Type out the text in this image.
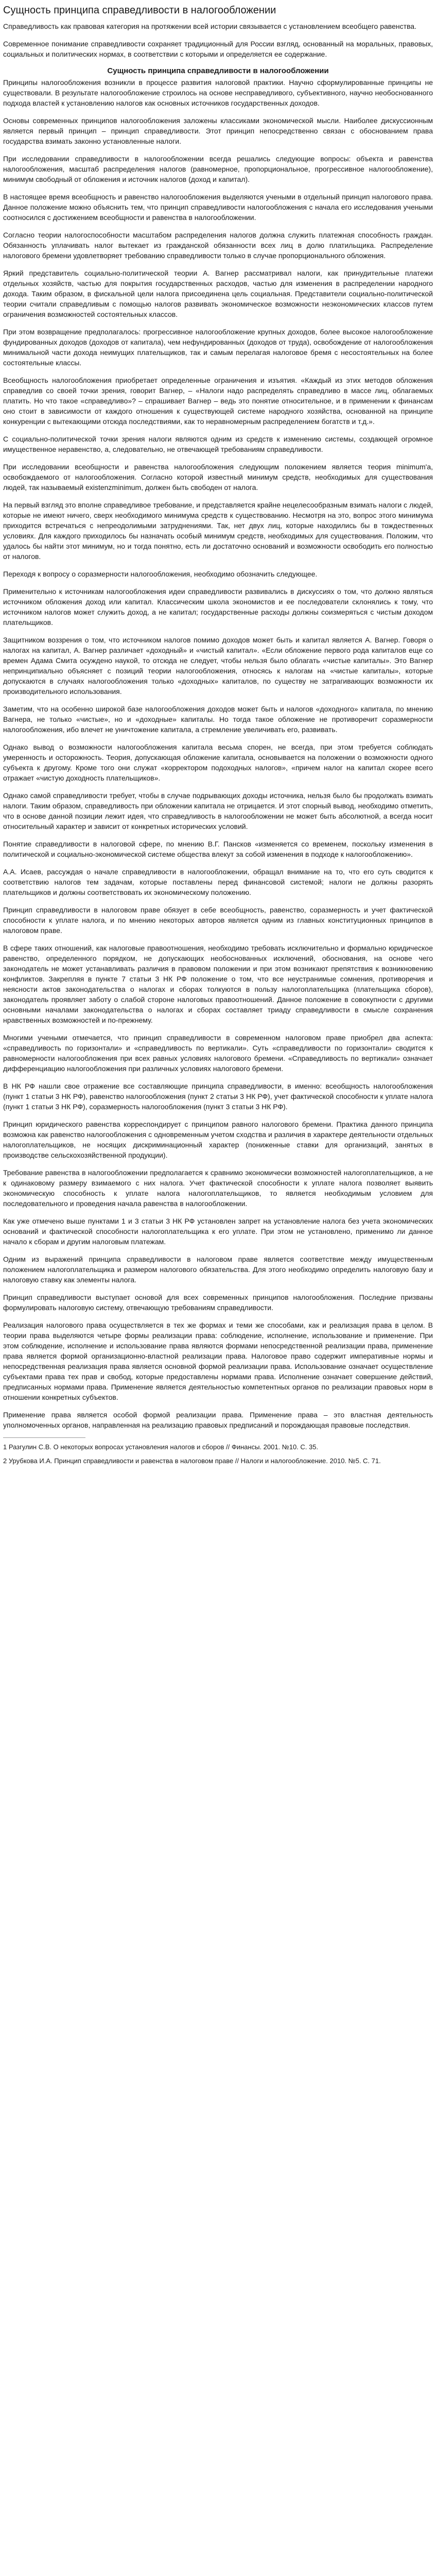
Сущность принципа справедливости в налогообложении

Справедливость как правовая категория на протяжении всей истории связывается с установлением всеобщего равенства.

Современное понимание справедливости сохраняет традиционный для России взгляд, основанный на моральных, правовых, социальных и политических нормах, в соответствии с которыми и определяется ее содержание.

Сущность принципа справедливости в налогообложении

Принципы налогообложения возникли в процессе развития налоговой практики. Научно сформулированные принципы не существовали. В результате налогообложение строилось на основе несправедливого, субъективного, научно необоснованного подхода властей к установлению налогов как основных источников государственных доходов.

Основы современных принципов налогообложения заложены классиками экономической мысли. Наиболее дискуссионным является первый принцип – принцип справедливости. Этот принцип непосредственно связан с обоснованием права государства взимать законно установленные налоги.

При исследовании справедливости в налогообложении всегда решались следующие вопросы: объекта и равенства налогообложения, масштаб распределения налогов (равномерное, пропорциональное, прогрессивное налогообложение), минимум свободный от обложения и источник налогов (доход и капитал).

В настоящее время всеобщность и равенство налогообложения выделяются учеными в отдельный принцип налогового права. Данное положение можно объяснить тем, что принцип справедливости налогообложения с начала его исследования учеными соотносился с достижением всеобщности и равенства в налогообложении.

Согласно теории налогоспособности масштабом распределения налогов должна служить платежная способность граждан. Обязанность уплачивать налог вытекает из гражданской обязанности всех лиц в долю платильщика. Распределение налогового бремени удовлетворяет требованию справедливости только в случае пропорционального обложения.

Яркий представитель социально-политической теории А. Вагнер рассматривал налоги, как принудительные платежи отдельных хозяйств, частью для покрытия государственных расходов, частью для изменения в распределении народного дохода. Таким образом, в фискальной цели налога присоединена цель социальная. Представители социально-политической теории считали справедливым с помощью налогов развивать экономическое возможности неэкономических классов путем ограничения возможностей состоятельных классов.

При этом возвращение предполагалось: прогрессивное налогообложение крупных доходов, более высокое налогообложение фундированных доходов (доходов от капитала), чем нефундированных (доходов от труда), освобождение от налогообложения минимальной части дохода неимущих плательщиков, так и самым перелагая налоговое бремя с несостоятельных на более состоятельные классы.

Всеобщность налогообложения приобретает определенные ограничения и изъятия. «Каждый из этих методов обложения справедлив со своей точки зрения, говорит Вагнер, – «Налоги надо распределять справедливо в массе лиц, облагаемых платить. Но что такое «справедливо»? – спрашивает Вагнер – ведь это понятие относительное, и в применении к финансам оно стоит в зависимости от каждого отношения к существующей системе народного хозяйства, основанной на принципе конкуренции с вытекающими отсюда последствиями, как то неравномерным распределением богатств и т.д.».

С социально-политической точки зрения налоги являются одним из средств к изменению системы, создающей огромное имущественное неравенство, а, следовательно, не отвечающей требованиям справедливости.

При исследовании всеобщности и равенства налогообложения следующим положением является теория minimum'а, освобождаемого от налогообложения. Согласно которой известный минимум средств, необходимых для существования людей, так называемый existenzminimum, должен быть свободен от налога.

На первый взгляд это вполне справедливое требование, и представляется крайне нецелесообразным взимать налоги с людей, которые не имеют ничего, сверх необходимого минимума средств к существованию. Несмотря на это, вопрос этого минимума приходится встречаться с непреодолимыми затруднениями. Так, нет двух лиц, которые находились бы в тождественных условиях. Для каждого приходилось бы назначать особый минимум средств, необходимых для существования. Положим, что удалось бы найти этот минимум, но и тогда понятно, есть ли достаточно оснований и возможности освободить его полностью от налогов.

Переходя к вопросу о соразмерности налогообложения, необходимо обозначить следующее.

Применительно к источникам налогообложения идеи справедливости развивались в дискуссиях о том, что должно являться источником обложения доход или капитал. Классическим школа экономистов и ее последователи склонялись к тому, что источником налогов может служить доход, а не капитал; государственные расходы должны соизмеряться с чистым доходом плательщиков.

Защитником воззрения о том, что источником налогов помимо доходов может быть и капитал является А. Вагнер. Говоря о налогах на капитал, А. Вагнер различает «доходный» и «чистый капитал». «Если обложение первого рода капиталов еще со времен Адама Смита осуждено наукой, то отсюда не следует, чтобы нельзя было облагать «чистые капиталы». Это Вагнер непринципиально объясняет с позиций теории налогообложения, относясь к налогам на «чистые капиталы», которые допускаются в случаях налогообложения только «доходных» капиталов, по существу не затрагивающих возможности их производительного использования.

Заметим, что на особенно широкой базе налогообложения доходов может быть и налогов «доходного» капитала, по мнению Вагнера, не только «чистые», но и «доходные» капиталы. Но тогда такое обложение не противоречит соразмерности налогообложения, ибо влечет не уничтожение капитала, а стремление увеличивать его, развивать.

Однако вывод о возможности налогообложения капитала весьма спорен, не всегда, при этом требуется соблюдать умеренность и осторожность. Теория, допускающая обложение капитала, основывается на положении о возможности одного субъекта к другому. Кроме того они служат «корректором подоходных налогов», «причем налог на капитал скорее всего отражает «чистую доходность плательщиков».

Однако самой справедливости требует, чтобы в случае подрывающих доходы источника, нельзя было бы продолжать взимать налоги. Таким образом, справедливость при обложении капитала не отрицается. И этот спорный вывод, необходимо отметить, что в основе данной позиции лежит идея, что справедливость в налогообложении не может быть абсолютной, а всегда носит относительный характер и зависит от конкретных исторических условий.

Понятие справедливости в налоговой сфере, по мнению В.Г. Пансков «изменяется со временем, поскольку изменения в политической и социально-экономической системе общества влекут за собой изменения в подходе к налогообложению».

А.А. Исаев, рассуждая о начале справедливости в налогообложении, обращал внимание на то, что его суть сводится к соответствию налогов тем задачам, которые поставлены перед финансовой системой; налоги не должны разорять плательщиков и должны соответствовать их экономическому положению.

Принцип справедливости в налоговом праве обязует в себе всеобщность, равенство, соразмерность и учет фактической способности к уплате налога, и по мнению некоторых авторов является одним из главных конституционных принципов в налоговом праве.

В сфере таких отношений, как налоговые правоотношения, необходимо требовать исключительно и формально юридическое равенство, определенного порядком, не допускающих необоснованных исключений, обоснования, на основе чего законодатель не может устанавливать различия в правовом положении и при этом возникают препятствия к возникновению конфликтов. Закрепляя в пункте 7 статьи 3 НК РФ положение о том, что все неустранимые сомнения, противоречия и неясности актов законодательства о налогах и сборах толкуются в пользу налогоплательщика (плательщика сборов), законодатель проявляет заботу о слабой стороне налоговых правоотношений. Данное положение в совокупности с другими основными началами законодательства о налогах и сборах составляет триаду справедливости в смысле сохранения нравственных возможностей и по-прежнему.

Многими учеными отмечается, что принцип справедливости в современном налоговом праве приобрел два аспекта: «справедливость по горизонтали» и «справедливость по вертикали». Суть «справедливости по горизонтали» сводится к равномерности налогообложения при всех равных условиях налогового бремени. «Справедливость по вертикали» означает дифференциацию налогообложения при различных условиях налогового бремени.

В НК РФ нашли свое отражение все составляющие принципа справедливости, в именно: всеобщность налогообложения (пункт 1 статьи 3 НК РФ), равенство налогообложения (пункт 2 статьи 3 НК РФ), учет фактической способности к уплате налога (пункт 1 статьи 3 НК РФ), соразмерность налогообложения (пункт 3 статьи 3 НК РФ).

Принцип юридического равенства корреспондирует с принципом равного налогового бремени. Практика данного принципа возможна как равенство налогообложения с одновременным учетом сходства и различия в характере деятельности отдельных налогоплательщиков, не носящих дискриминационный характер (пониженные ставки для организаций, занятых в производстве сельскохозяйственной продукции).

Требование равенства в налогообложении предполагается к сравнимо экономически возможностей налогоплательщиков, а не к одинаковому размеру взимаемого с них налога. Учет фактической способности к уплате налога позволяет выявить экономическую способность к уплате налога налогоплательщиков, то является необходимым условием для последовательного и проведения начала равенства в налогообложении.

Как уже отмечено выше пунктами 1 и 3 статьи 3 НК РФ установлен запрет на установление налога без учета экономических оснований и фактической способности налогоплательщика к его уплате. При этом не установлено, применимо ли данное начало к сборам и другим налоговым платежам.

Одним из выражений принципа справедливости в налоговом праве является соответствие между имущественным положением налогоплательщика и размером налогового обязательства. Для этого необходимо определить налоговую базу и налоговую ставку как элементы налога.

Принцип справедливости выступает основой для всех современных принципов налогообложения. Последние призваны формулировать налоговую систему, отвечающую требованиям справедливости.

Реализация налогового права осуществляется в тех же формах и теми же способами, как и реализация права в целом. В теории права выделяются четыре формы реализации права: соблюдение, исполнение, использование и применение. При этом соблюдение, исполнение и использование права являются формами непосредственной реализации права, применение права является формой организационно-властной реализации права. Налоговое право содержит императивные нормы и непосредственная реализация права является основной формой реализации права. Использование означает осуществление субъектами права тех прав и свобод, которые предоставлены нормами права. Исполнение означает совершение действий, предписанных нормами права. Применение является деятельностью компетентных органов по реализации правовых норм в отношении конкретных субъектов.

Применение права является особой формой реализации права. Применение права – это властная деятельность уполномоченных органов, направленная на реализацию правовых предписаний и порождающая правовые последствия.

1 Разгулин С.В. О некоторых вопросах установления налогов и сборов // Финансы. 2001. №10. С. 35.

2 Урубкова И.А. Принцип справедливости и равенства в налоговом праве // Налоги и налогообложение. 2010. №5. С. 71.
